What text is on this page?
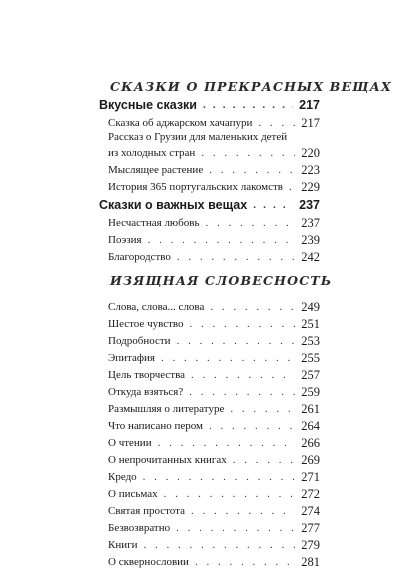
СКАЗКИ О ПРЕКРАСНЫХ ВЕЩАХ
Вкусные сказки . . .	217
Сказка об аджарском хачапури . . .	217
Рассказ о Грузии для маленьких детей
из холодных стран . . .	220
Мыслящее растение . . .	223
История 365 португальских лакомств . . . 229
Сказки о важных вещах . . .	237
Несчастная любовь . . .	237
Поэзия . . .	239
Благородство . . .	242
ИЗЯЩНАЯ СЛОВЕСНОСТЬ
Слова, слова... слова . . .	249
Шестое чувство . . .	251
Подробности . . .	253
Эпитафия . . .	255
Цель творчества . . .	257
Откуда взяться? . . .	259
Размышляя о литературе . . .	261
Что написано пером . . .	264
О чтении . . .	266
О непрочитанных книгах . . .	269
Кредо . . .	271
О письмах . . .	272
Святая простота . . .	274
Безвозвратно . . .	277
Книги . . .	279
О сквернословии . . .	281
